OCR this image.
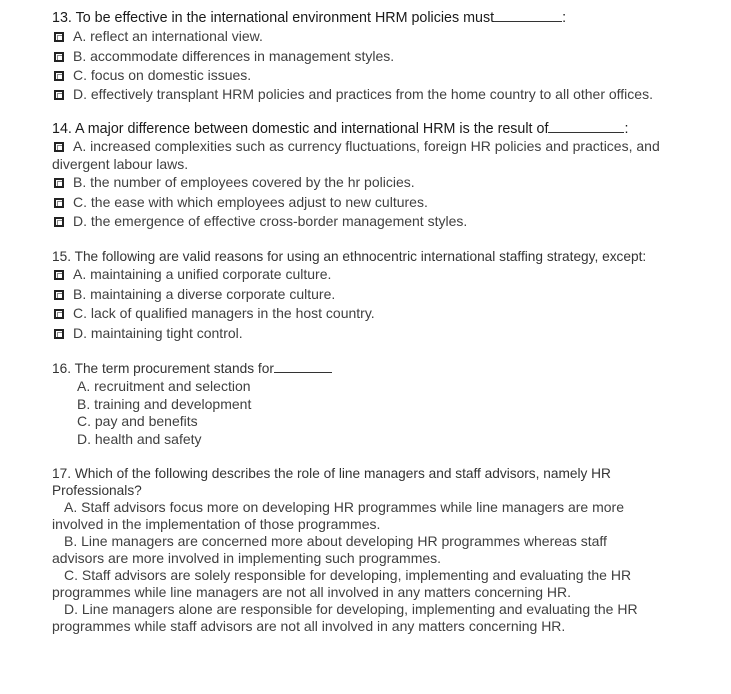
13. To be effective in the international environment HRM policies must	:
A. reflect an international view.
B. accommodate differences in management styles.
C. focus on domestic issues.
D. effectively transplant HRM policies and practices from the home country to all other offices.
14. A major difference between domestic and international HRM is the result of	:
A. increased complexities such as currency fluctuations, foreign HR policies and practices, and divergent labour laws.
B. the number of employees covered by the hr policies.
C. the ease with which employees adjust to new cultures.
D. the emergence of effective cross-border management styles.
15. The following are valid reasons for using an ethnocentric international staffing strategy, except:
A. maintaining a unified corporate culture.
B. maintaining a diverse corporate culture.
C. lack of qualified managers in the host country.
D. maintaining tight control.
16. The term procurement stands for
A. recruitment and selection
B. training and development
C. pay and benefits
D. health and safety
17. Which of the following describes the role of line managers and staff advisors, namely HR Professionals?
A. Staff advisors focus more on developing HR programmes while line managers are more involved in the implementation of those programmes.
B. Line managers are concerned more about developing HR programmes whereas staff advisors are more involved in implementing such programmes.
C. Staff advisors are solely responsible for developing, implementing and evaluating the HR programmes while line managers are not all involved in any matters concerning HR.
D. Line managers alone are responsible for developing, implementing and evaluating the HR programmes while staff advisors are not all involved in any matters concerning HR.
